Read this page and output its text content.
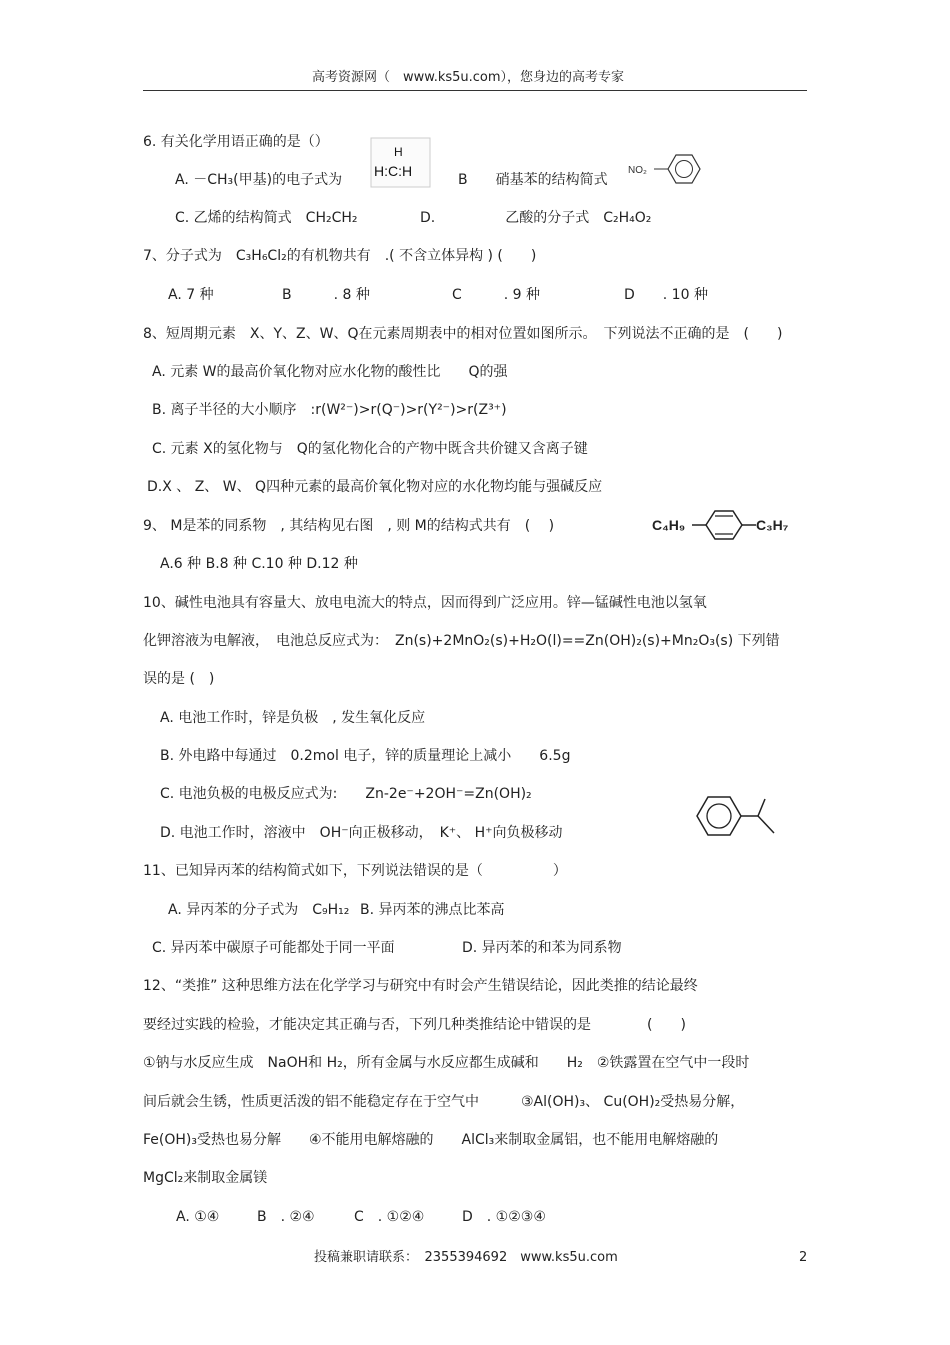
高考资源网（　www.ks5u.com），您身边的高考专家
6. 有关化学用语正确的是（）
A. －CH₃(甲基)的电子式为
H
H:C:H
B　　硝基苯的结构简式
NO₂
C. 乙烯的结构简式　CH₂CH₂	D.　　　　　乙酸的分子式　C₂H₄O₂
7、分子式为　C₃H₆Cl₂的有机物共有　.( 不含立体异构 ) (　　)
A. 7 种	B　　　. 8 种	C　　　. 9 种	D　　. 10 种
8、短周期元素　X、Y、Z、W、Q在元素周期表中的相对位置如图所示。　下列说法不正确的是　(　　)
A. 元素 W的最高价氧化物对应水化物的酸性比　　Q的强
B. 离子半径的大小顺序　:r(W²⁻)>r(Q⁻)>r(Y²⁻)>r(Z³⁺)
C. 元素 X的氢化物与　Q的氢化物化合的产物中既含共价键又含离子键
D.X 、 Z、 W、 Q四种元素的最高价氧化物对应的水化物均能与强碱反应
9、 M是苯的同系物　, 其结构见右图　, 则 M的结构式共有　(　 )	C₄H₉	C₃H₇
A.6 种 B.8 种 C.10 种 D.12 种
10、碱性电池具有容量大、放电电流大的特点，因而得到广泛应用。锌—锰碱性电池以氢氧
化钾溶液为电解液，　电池总反应式为：　Zn(s)+2MnO₂(s)+H₂O(l)==Zn(OH)₂(s)+Mn₂O₃(s) 下列错
误的是 (　)
A. 电池工作时，锌是负极　, 发生氧化反应
B. 外电路中每通过　0.2mol 电子，锌的质量理论上减小　　6.5g
C. 电池负极的电极反应式为:　　Zn-2e⁻+2OH⁻=Zn(OH)₂
D. 电池工作时，溶液中　OH⁻向正极移动，　K⁺、 H⁺向负极移动
11、已知异丙苯的结构简式如下，下列说法错误的是（　　　　　）
A. 异丙苯的分子式为　C₉H₁₂ B. 异丙苯的沸点比苯高
C. 异丙苯中碳原子可能都处于同一平面	D. 异丙苯的和苯为同系物
12、“类推” 这种思维方法在化学学习与研究中有时会产生错误结论，因此类推的结论最终
要经过实践的检验，才能决定其正确与否，下列几种类推结论中错误的是　　　　(　　)
①钠与水反应生成　NaOH和 H₂，所有金属与水反应都生成碱和　　H₂　②铁露置在空气中一段时
间后就会生锈，性质更活泼的铝不能稳定存在于空气中　　　③Al(OH)₃、 Cu(OH)₂受热易分解，
Fe(OH)₃受热也易分解　　④不能用电解熔融的　　AlCl₃来制取金属铝，也不能用电解熔融的
MgCl₂来制取金属镁
A. ①④	B　. ②④	C　. ①②④	D　. ①②③④
投稿兼职请联系：　2355394692　www.ks5u.com	2
